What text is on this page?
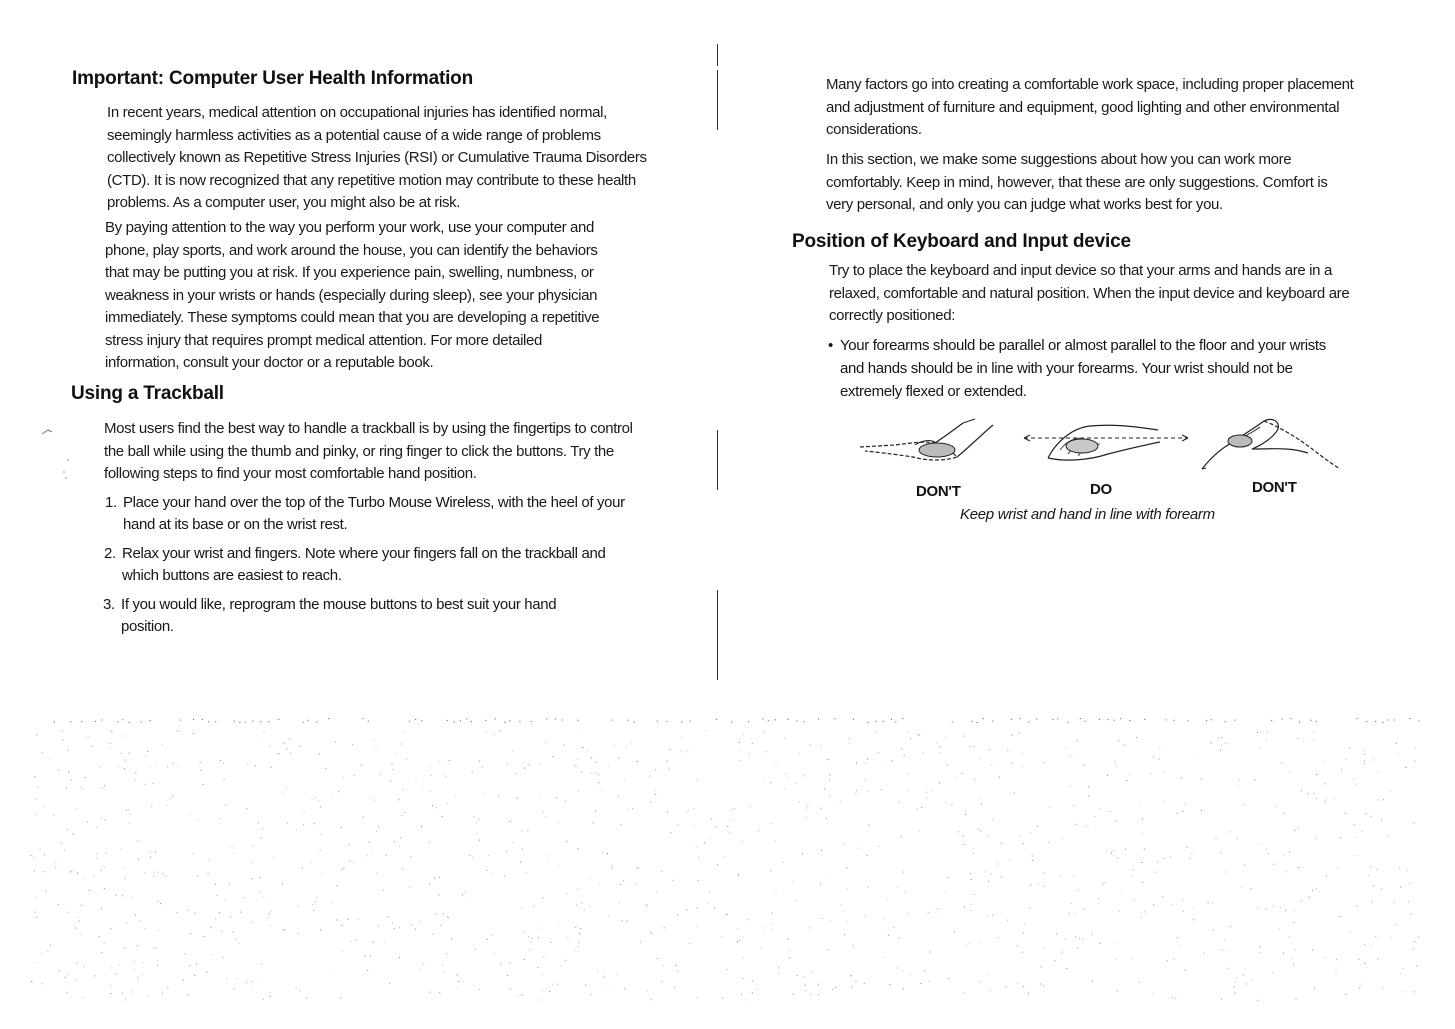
Important: Computer User Health Information

In recent years, medical attention on occupational injuries has identified normal, seemingly harmless activities as a potential cause of a wide range of problems collectively known as Repetitive Stress Injuries (RSI) or Cumulative Trauma Disorders (CTD). It is now recognized that any repetitive motion may contribute to these health problems. As a computer user, you might also be at risk.

By paying attention to the way you perform your work, use your computer and phone, play sports, and work around the house, you can identify the behaviors that may be putting you at risk. If you experience pain, swelling, numbness, or weakness in your wrists or hands (especially during sleep), see your physician immediately. These symptoms could mean that you are developing a repetitive stress injury that requires prompt medical attention. For more detailed information, consult your doctor or a reputable book.

Using a Trackball

Most users find the best way to handle a trackball is by using the fingertips to control the ball while using the thumb and pinky, or ring finger to click the buttons. Try the following steps to find your most comfortable hand position.

1. Place your hand over the top of the Turbo Mouse Wireless, with the heel of your hand at its base or on the wrist rest.
2. Relax your wrist and fingers. Note where your fingers fall on the trackball and which buttons are easiest to reach.
3. If you would like, reprogram the mouse buttons to best suit your hand position.

Many factors go into creating a comfortable work space, including proper placement and adjustment of furniture and equipment, good lighting and other environmental considerations.

In this section, we make some suggestions about how you can work more comfortably. Keep in mind, however, that these are only suggestions. Comfort is very personal, and only you can judge what works best for you.

Position of Keyboard and Input device

Try to place the keyboard and input device so that your arms and hands are in a relaxed, comfortable and natural position. When the input device and keyboard are correctly positioned:

• Your forearms should be parallel or almost parallel to the floor and your wrists and hands should be in line with your forearms. Your wrist should not be extremely flexed or extended.
DON'T	DO	DON'T
Keep wrist and hand in line with forearm
